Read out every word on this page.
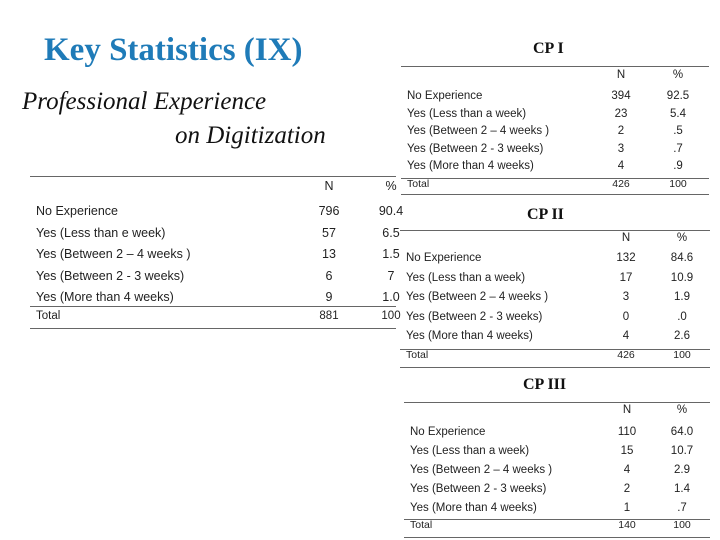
Key Statistics (IX)
Professional Experience
on Digitization
CP I
CP II
CP III
N	%
No Experience	796	90.4
Yes (Less than e week)	57	6.5
Yes (Between 2 – 4 weeks )	13	1.5
Yes (Between 2 - 3 weeks)	6	7
Yes (More than 4 weeks)	9	1.0
Total	881	100
N	%
No Experience	394	92.5
Yes (Less than a week)	23	5.4
Yes (Between 2 – 4 weeks )	2	.5
Yes (Between 2 - 3 weeks)	3	.7
Yes (More than 4 weeks)	4	.9
Total	426	100
N	%
No Experience	132	84.6
Yes (Less than a week)	17	10.9
Yes (Between 2 – 4 weeks )	3	1.9
Yes (Between 2 - 3 weeks)	0	.0
Yes (More than 4 weeks)	4	2.6
Total	426	100
N	%
No Experience	110	64.0
Yes (Less than a week)	15	10.7
Yes (Between 2 – 4 weeks )	4	2.9
Yes (Between 2 - 3 weeks)	2	1.4
Yes (More than 4 weeks)	1	.7
Total	140	100
